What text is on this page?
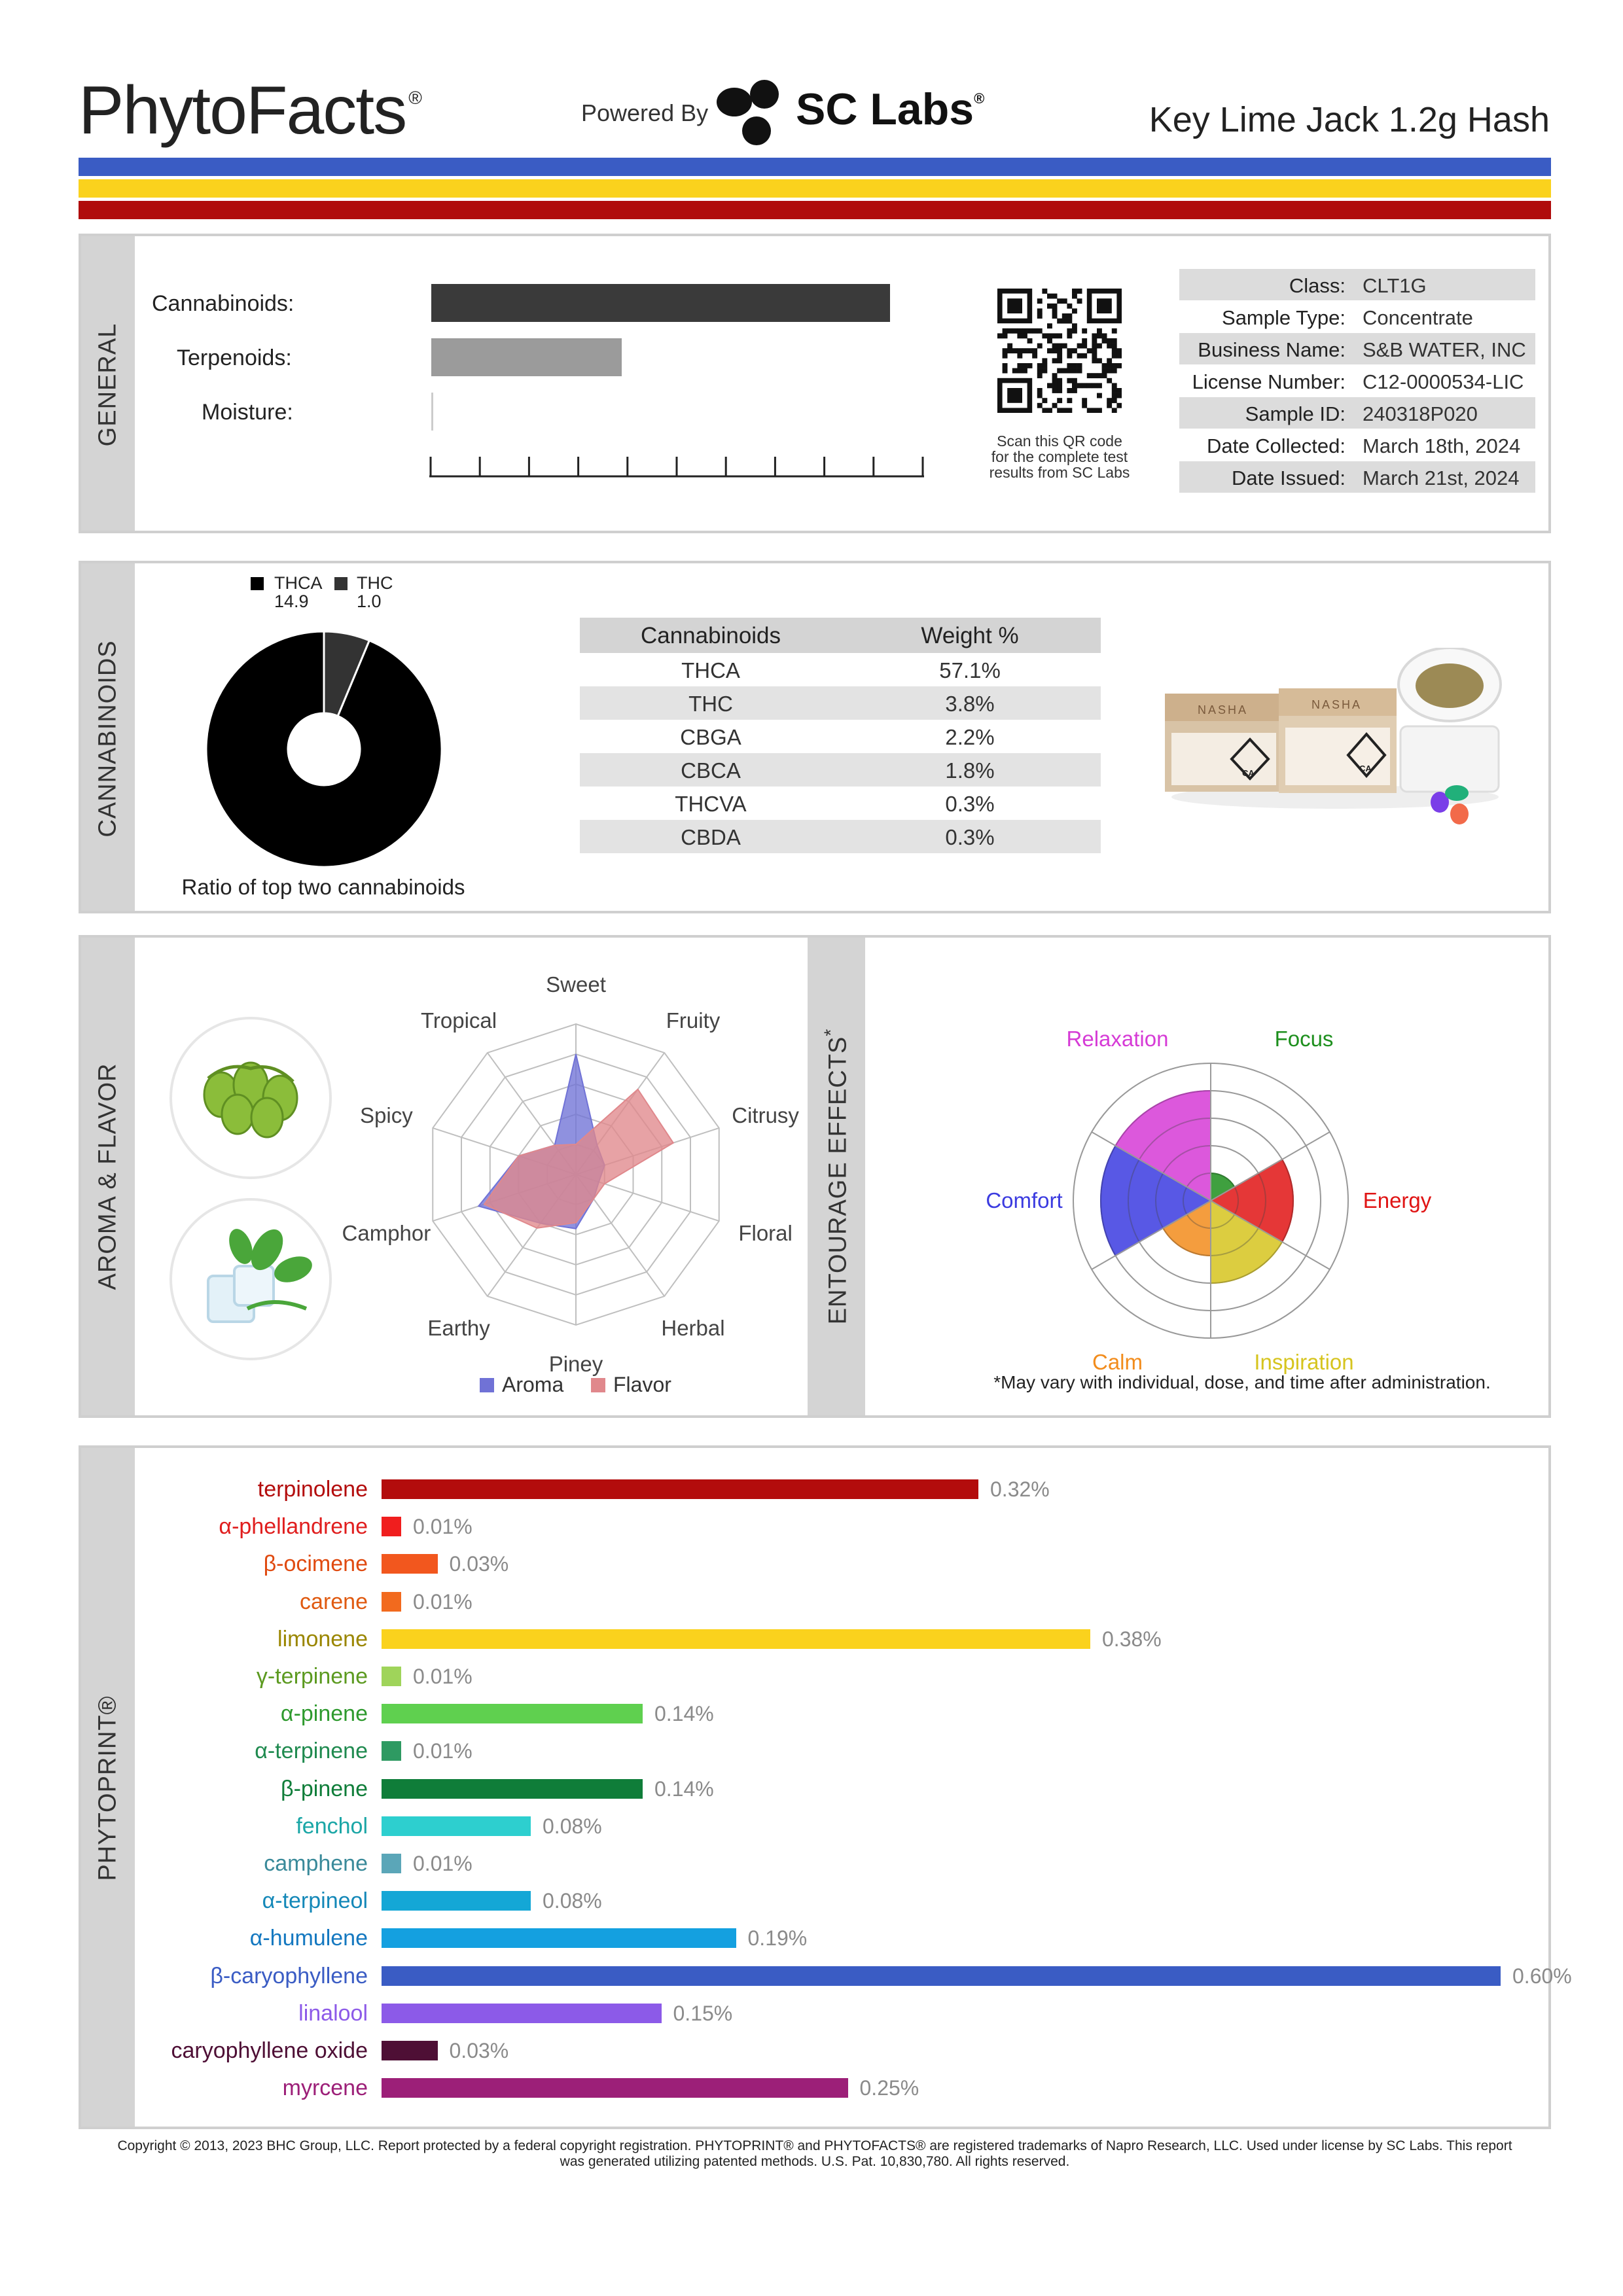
PhytoFacts ®
Powered By SC Labs®
Key Lime Jack 1.2g Hash
GENERAL
Cannabinoids:
Terpenoids:
Moisture:
Scan this QR code
for the complete test
results from SC Labs
Class: CLT1G
Sample Type: Concentrate
Business Name: S&B WATER, INC
License Number: C12-0000534-LIC
Sample ID: 240318P020
Date Collected: March 18th, 2024
Date Issued: March 21st, 2024
CANNABINOIDS
THCA
14.9
THC
1.0
Ratio of top two cannabinoids
Cannabinoids	Weight %
THCA	57.1%
THC	3.8%
CBGA	2.2%
CBCA	1.8%
THCVA	0.3%
CBDA	0.3%
NASHA	NASHA
CA	CA
AROMA & FLAVOR	ENTOURAGE EFFECTS*
Sweet
Fruity
Citrusy
Floral
Herbal
Piney
Earthy
Camphor
Spicy
Tropical
Aroma Flavor
Focus
Energy
Inspiration
Calm
Comfort
Relaxation
*May vary with individual, dose, and time after administration.
PHYTOPRINT®
terpinolene	0.32%
α-phellandrene 0.01%
β-ocimene	0.03%
carene 0.01%
limonene	0.38%
γ-terpinene 0.01%
α-pinene	0.14%
α-terpinene 0.01%
β-pinene	0.14%
fenchol	0.08%
camphene 0.01%
α-terpineol	0.08%
α-humulene	0.19%
β-caryophyllene	0.60%
linalool	0.15%
caryophyllene oxide	0.03%
myrcene	0.25%
Copyright © 2013, 2023 BHC Group, LLC. Report protected by a federal copyright registration. PHYTOPRINT® and PHYTOFACTS® are registered trademarks of Napro Research, LLC. Used under license by SC Labs. This report
was generated utilizing patented methods. U.S. Pat. 10,830,780. All rights reserved.
